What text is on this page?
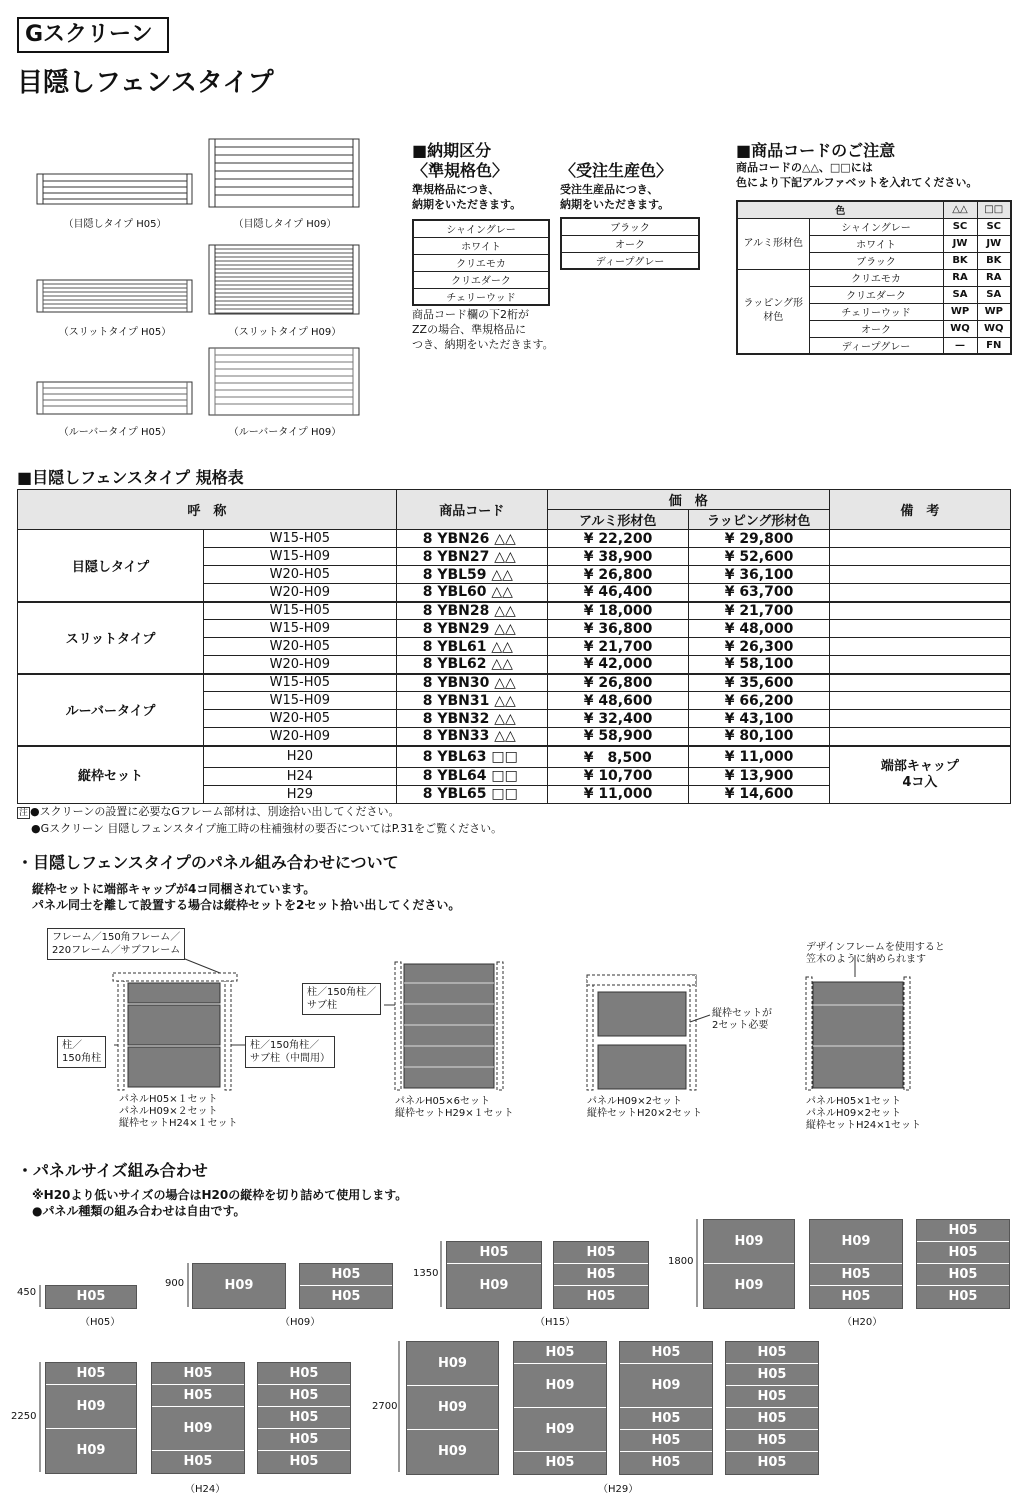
Gスクリーン
目隠しフェンスタイプ
（目隠しタイプ H05）	（目隠しタイプ H09）
（スリットタイプ H05）	（スリットタイプ H09）
（ルーバータイプ H05）	（ルーバータイプ H09）
■納期区分
〈準規格色〉
準規格品につき、
納期をいただきます。
シャイングレー
ホワイト
クリエモカ
クリエダーク
チェリーウッド
商品コード欄の下2桁が
ZZの場合、準規格品に
つき、納期をいただきます。
〈受注生産色〉
受注生産品につき、
納期をいただきます。
ブラック
オーク
ディープグレー
■商品コードのご注意
商品コードの△△、□□には
色により下記アルファベットを入れてください。
色		△△	□□
アルミ形材色	シャイングレー	SC	SC
	ホワイト	JW	JW
	ブラック	BK	BK
ラッピング形材色	クリエモカ	RA	RA
	クリエダーク	SA	SA
	チェリーウッド	WP	WP
	オーク	WQ	WQ
	ディープグレー	—	FN
■目隠しフェンスタイプ 規格表
呼　称		商品コード	価　格		備　考
			アルミ形材色	ラッピング形材色	
目隠しタイプ	W15-H05	8 YBN26 △△	¥ 22,200	¥ 29,800	
	W15-H09	8 YBN27 △△	¥ 38,900	¥ 52,600	
	W20-H05	8 YBL59 △△	¥ 26,800	¥ 36,100	
	W20-H09	8 YBL60 △△	¥ 46,400	¥ 63,700	
スリットタイプ	W15-H05	8 YBN28 △△	¥ 18,000	¥ 21,700	
	W15-H09	8 YBN29 △△	¥ 36,800	¥ 48,000	
	W20-H05	8 YBL61 △△	¥ 21,700	¥ 26,300	
	W20-H09	8 YBL62 △△	¥ 42,000	¥ 58,100	
ルーバータイプ	W15-H05	8 YBN30 △△	¥ 26,800	¥ 35,600	
	W15-H09	8 YBN31 △△	¥ 48,600	¥ 66,200	
	W20-H05	8 YBN32 △△	¥ 32,400	¥ 43,100	
	W20-H09	8 YBN33 △△	¥ 58,900	¥ 80,100	
縦枠セット	H20	8 YBL63 □□	¥　8,500	¥ 11,000	端部キャップ
4コ入

	H24	8 YBL64 □□	¥ 10,700	¥ 13,900	
	H29	8 YBL65 □□	¥ 11,000	¥ 14,600	
注 ●スクリーンの設置に必要なGフレーム部材は、別途拾い出してください。
●Gスクリーン 目隠しフェンスタイプ施工時の柱補強材の要否についてはP.31をご覧ください。
・目隠しフェンスタイプのパネル組み合わせについて
縦枠セットに端部キャップが4コ同梱されています。
パネル同士を離して設置する場合は縦枠セットを2セット拾い出してください。
フレーム／150角フレーム／
220フレーム／サブフレーム
柱／
150角柱
柱／150角柱／
サブ柱（中間用）
パネルH05×１セット
パネルH09×２セット
縦枠セットH24×１セット
柱／150角柱／
サブ柱
パネルH05×6セット
縦枠セットH29×１セット
縦枠セットが
2セット必要
パネルH09×2セット
縦枠セットH20×2セット
デザインフレームを使用すると
笠木のように納められます
パネルH05×1セット
パネルH09×2セット
縦枠セットH24×1セット
・パネルサイズ組み合わせ
※H20より低いサイズの場合はH20の縦枠を切り詰めて使用します。
●パネル種類の組み合わせは自由です。
H05
H09
H05
H05
H05
H09
H05
H05
H05
H09
H09
H09
H05
H05
H05
H05
H05
H05
H05
H09
H09
H05
H05
H09
H05
H05
H05
H05
H05
H05
H09
H09
H09
H05
H09
H09
H05
H05
H09
H05
H05
H05
H05
H05
H05
H05
H05
H05
450
900
1350
1800
2250
2700
（H05）	（H09）	（H15）	（H20）
（H24）	（H29）
